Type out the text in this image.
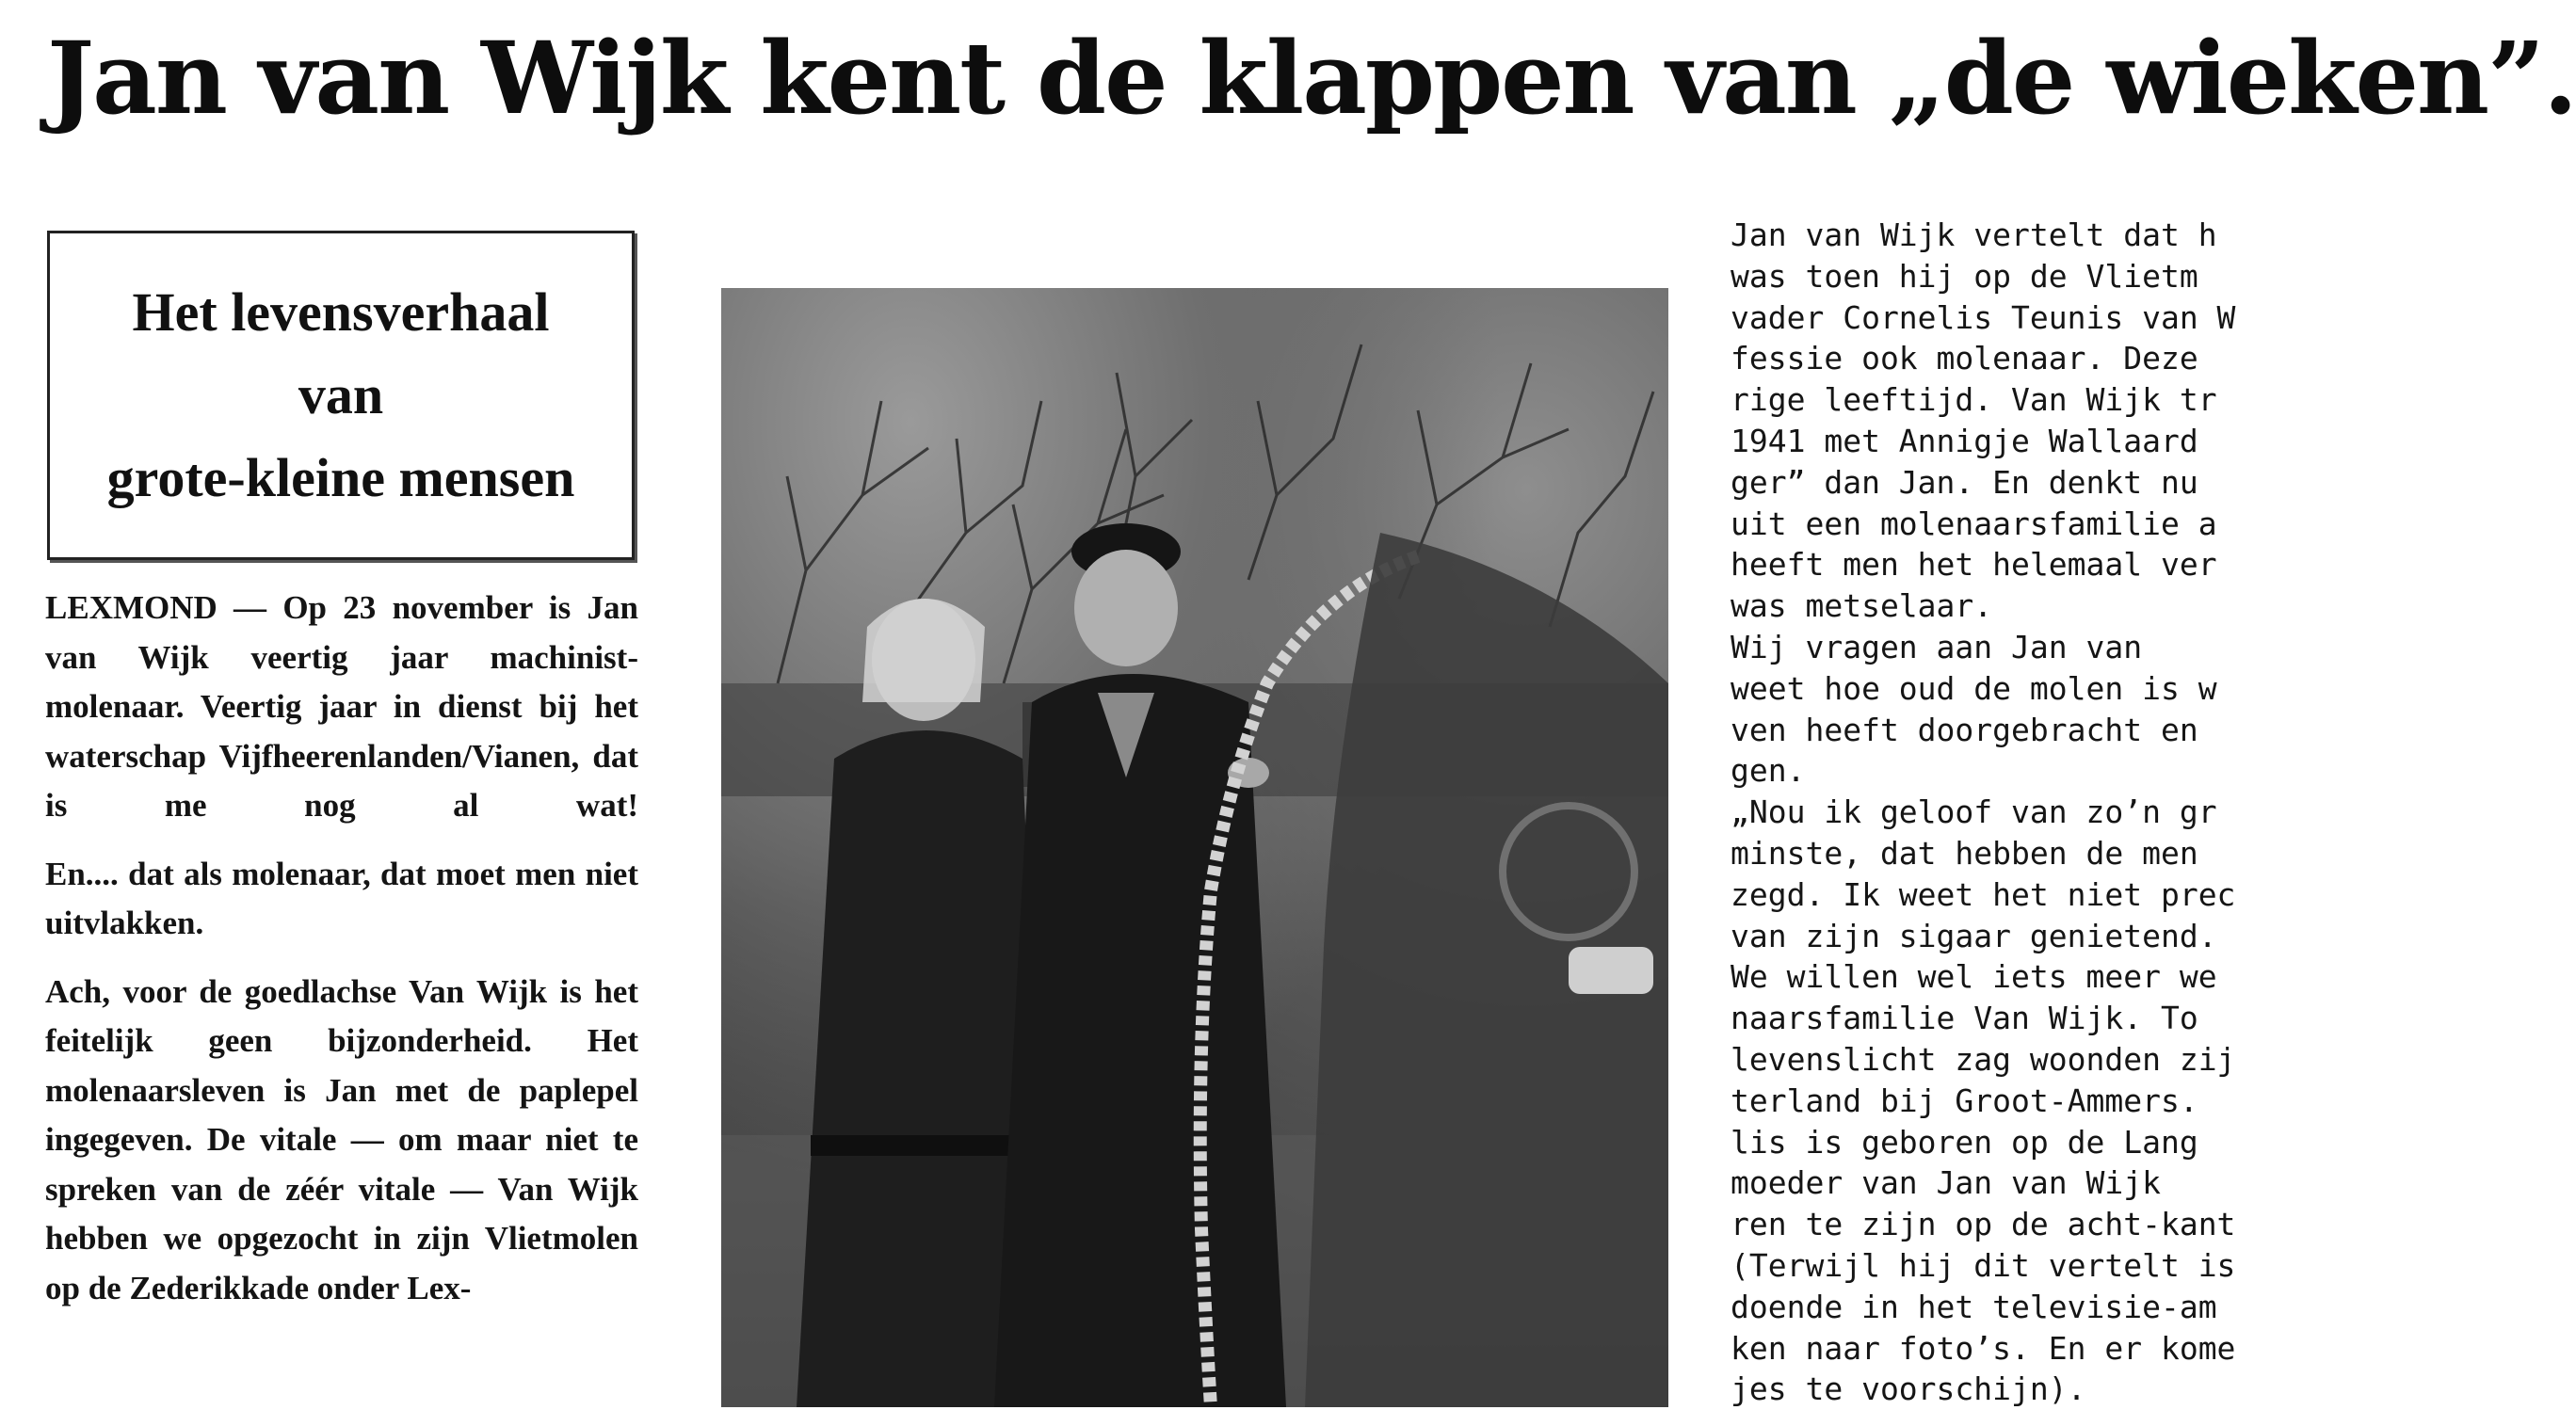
Jan van Wijk kent de klappen van „de wieken”.
Het levensverhaal
van
grote-kleine mensen

LEXMOND — Op 23 november is Jan van Wijk veertig jaar machinist-molenaar. Veertig jaar in dienst bij het waterschap Vijfheerenlanden/Vianen, dat is me nog al wat!

En.... dat als molenaar, dat moet men niet uitvlakken.

Ach, voor de goedlachse Van Wijk is het feitelijk geen bijzonderheid. Het molenaarsleven is Jan met de paplepel ingegeven. De vitale — om maar niet te spreken van de zéér vitale — Van Wijk hebben we opgezocht in zijn Vlietmolen op de Zederikkade onder Lex-

Jan van Wijk vertelt dat h
was toen hij op de Vlietm
vader Cornelis Teunis van W
fessie ook molenaar. Deze
rige leeftijd. Van Wijk tr
1941 met Annigje Wallaard
ger” dan Jan. En denkt nu
uit een molenaarsfamilie a
heeft men het helemaal ver
was metselaar.
Wij vragen aan Jan van
weet hoe oud de molen is w
ven heeft doorgebracht en
gen.
„Nou ik geloof van zo’n gr
minste, dat hebben de men
zegd. Ik weet het niet prec
van zijn sigaar genietend.
We willen wel iets meer we
naarsfamilie Van Wijk. To
levenslicht zag woonden zij
terland bij Groot-Ammers.
lis is geboren op de Lang
moeder van Jan van Wijk
ren te zijn op de acht-kant
(Terwijl hij dit vertelt is
doende in het televisie-am
ken naar foto’s. En er kome
jes te voorschijn).
